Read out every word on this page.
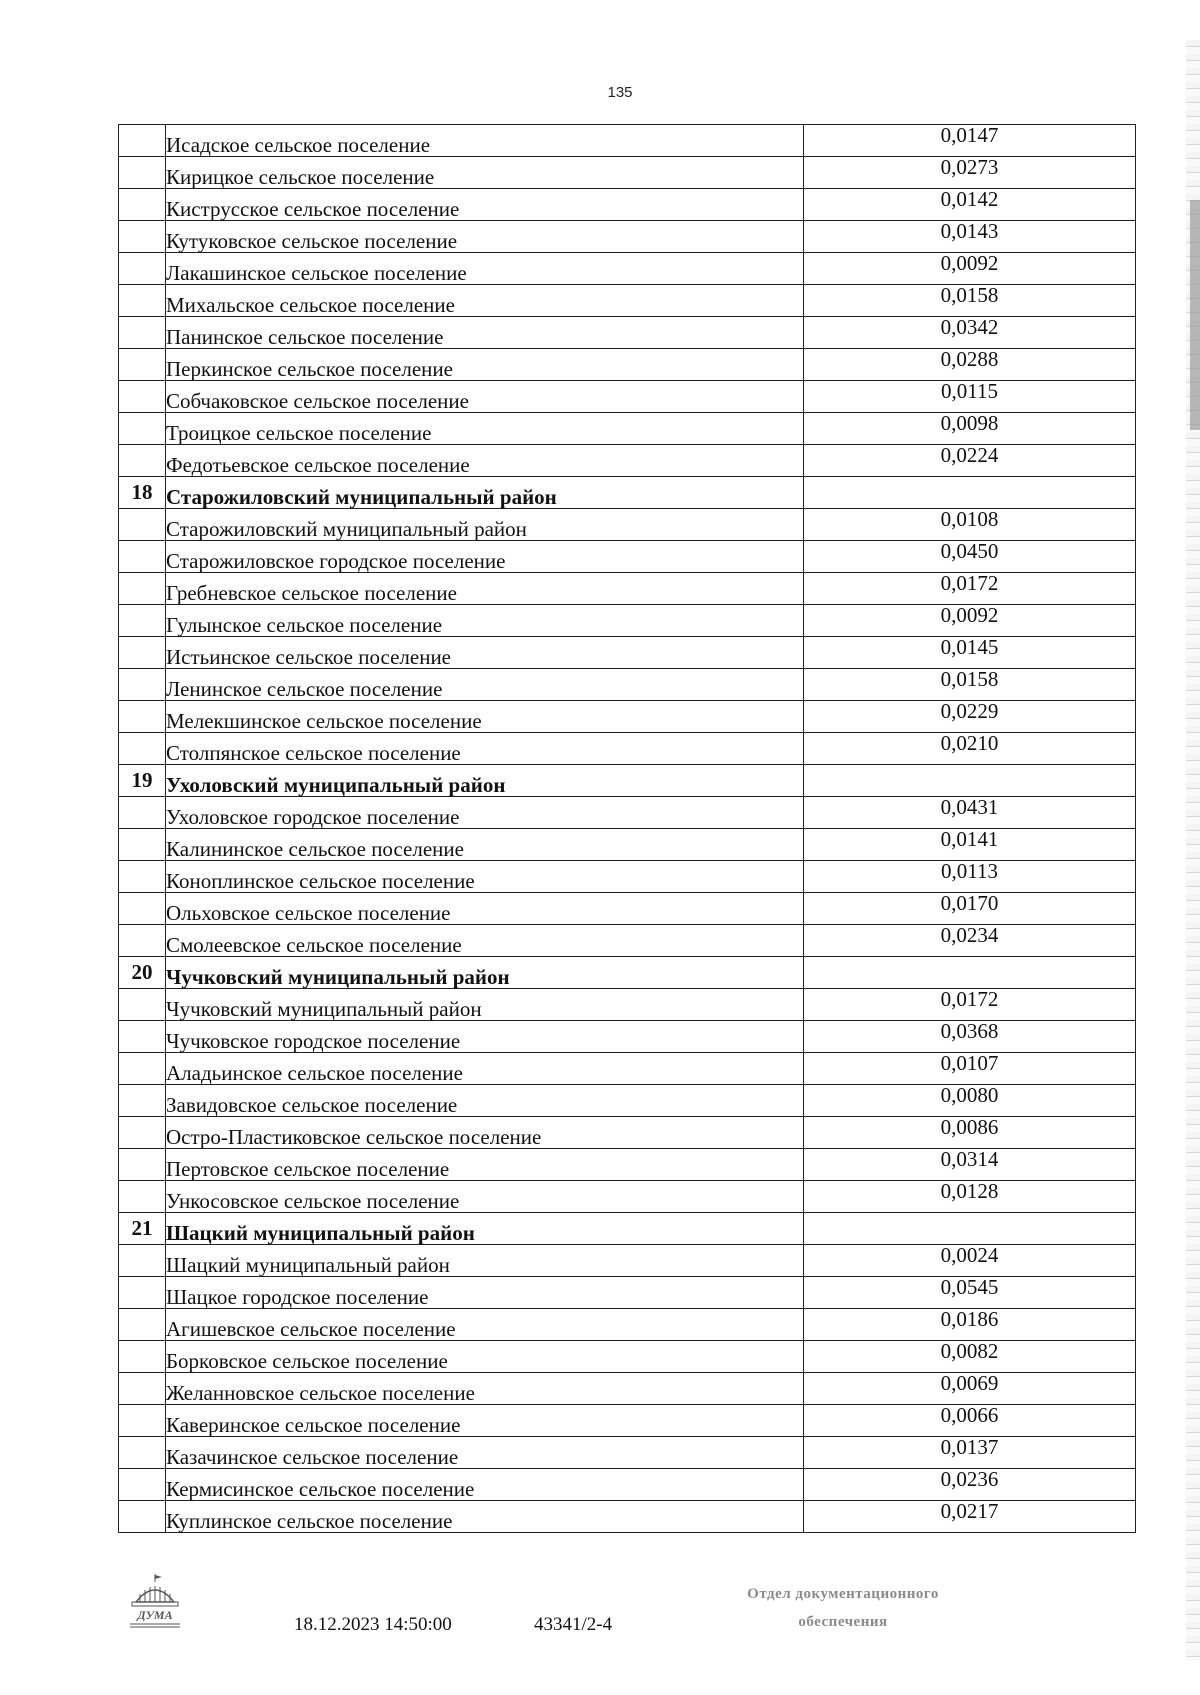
135
	Исадское сельское поселение	0,0147
	Кирицкое сельское поселение	0,0273
	Киструсское сельское поселение	0,0142
	Кутуковское сельское поселение	0,0143
	Лакашинское сельское поселение	0,0092
	Михальское сельское поселение	0,0158
	Панинское сельское поселение	0,0342
	Перкинское сельское поселение	0,0288
	Собчаковское сельское поселение	0,0115
	Троицкое сельское поселение	0,0098
	Федотьевское сельское поселение	0,0224
18	Старожиловский муниципальный район	
	Старожиловский муниципальный район	0,0108
	Старожиловское городское поселение	0,0450
	Гребневское сельское поселение	0,0172
	Гулынское сельское поселение	0,0092
	Истьинское сельское поселение	0,0145
	Ленинское сельское поселение	0,0158
	Мелекшинское сельское поселение	0,0229
	Столпянское сельское поселение	0,0210
19	Ухоловский муниципальный район	
	Ухоловское городское поселение	0,0431
	Калининское сельское поселение	0,0141
	Коноплинское сельское поселение	0,0113
	Ольховское сельское поселение	0,0170
	Смолеевское сельское поселение	0,0234
20	Чучковский муниципальный район	
	Чучковский муниципальный район	0,0172
	Чучковское городское поселение	0,0368
	Аладьинское сельское поселение	0,0107
	Завидовское сельское поселение	0,0080
	Остро-Пластиковское сельское поселение	0,0086
	Пертовское сельское поселение	0,0314
	Ункосовское сельское поселение	0,0128
21	Шацкий муниципальный район	
	Шацкий муниципальный район	0,0024
	Шацкое городское поселение	0,0545
	Агишевское сельское поселение	0,0186
	Борковское сельское поселение	0,0082
	Желанновское сельское поселение	0,0069
	Каверинское сельское поселение	0,0066
	Казачинское сельское поселение	0,0137
	Кермисинское сельское поселение	0,0236
	Куплинское сельское поселение	0,0217
ДУМА	18.12.2023 14:50:00	43341/2-4
Отдел документационного
обеспечения
